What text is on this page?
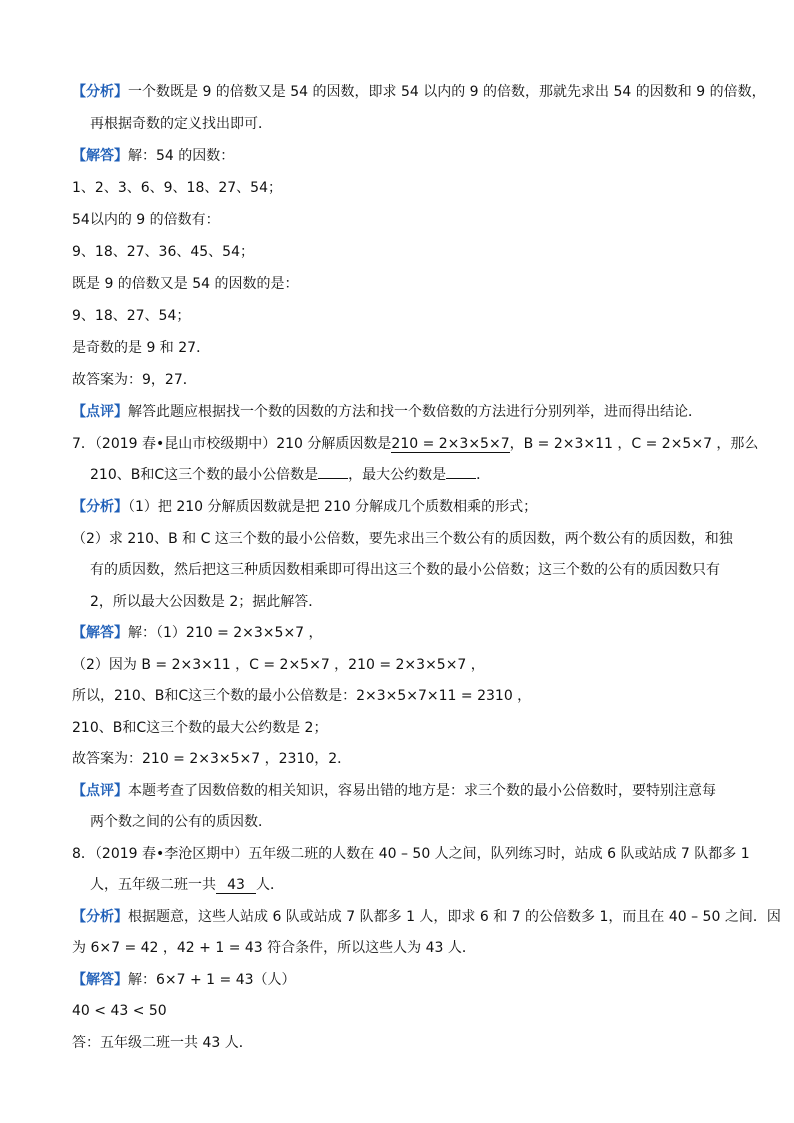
【分析】一个数既是 9 的倍数又是 54 的因数，即求 54 以内的 9 的倍数，那就先求出 54 的因数和 9 的倍数，
再根据奇数的定义找出即可．
【解答】解：54 的因数：
1、2、3、6、9、18、27、54；
54以内的 9 的倍数有：
9、18、27、36、45、54；
既是 9 的倍数又是 54 的因数的是：
9、18、27、54；
是奇数的是 9 和 27．
故答案为：9，27．
【点评】解答此题应根据找一个数的因数的方法和找一个数倍数的方法进行分别列举，进而得出结论．
7．（2019 春•昆山市校级期中）210 分解质因数是210 = 2×3×5×7，B = 2×3×11 ，C = 2×5×7 ，那么
210、B和C这三个数的最小公倍数是 ，最大公约数是 ．
【分析】（1）把 210 分解质因数就是把 210 分解成几个质数相乘的形式；
（2）求 210、B 和 C 这三个数的最小公倍数，要先求出三个数公有的质因数，两个数公有的质因数，和独
有的质因数，然后把这三种质因数相乘即可得出这三个数的最小公倍数；这三个数的公有的质因数只有
2，所以最大公因数是 2；据此解答．
【解答】解：（1）210 = 2×3×5×7 ，
（2）因为 B = 2×3×11 ，C = 2×5×7 ，210 = 2×3×5×7 ，
所以，210、B和C这三个数的最小公倍数是：2×3×5×7×11 = 2310 ，
210、B和C这三个数的最大公约数是 2；
故答案为：210 = 2×3×5×7 ，2310，2．
【点评】本题考查了因数倍数的相关知识，容易出错的地方是：求三个数的最小公倍数时，要特别注意每
两个数之间的公有的质因数．
8．（2019 春•李沧区期中）五年级二班的人数在 40 – 50 人之间，队列练习时，站成 6 队或站成 7 队都多 1
人，五年级二班一共 43 人．
【分析】根据题意，这些人站成 6 队或站成 7 队都多 1 人，即求 6 和 7 的公倍数多 1，而且在 40 – 50 之间．因
为 6×7 = 42 ，42 + 1 = 43 符合条件，所以这些人为 43 人．
【解答】解：6×7 + 1 = 43（人）
40 < 43 < 50
答：五年级二班一共 43 人．
